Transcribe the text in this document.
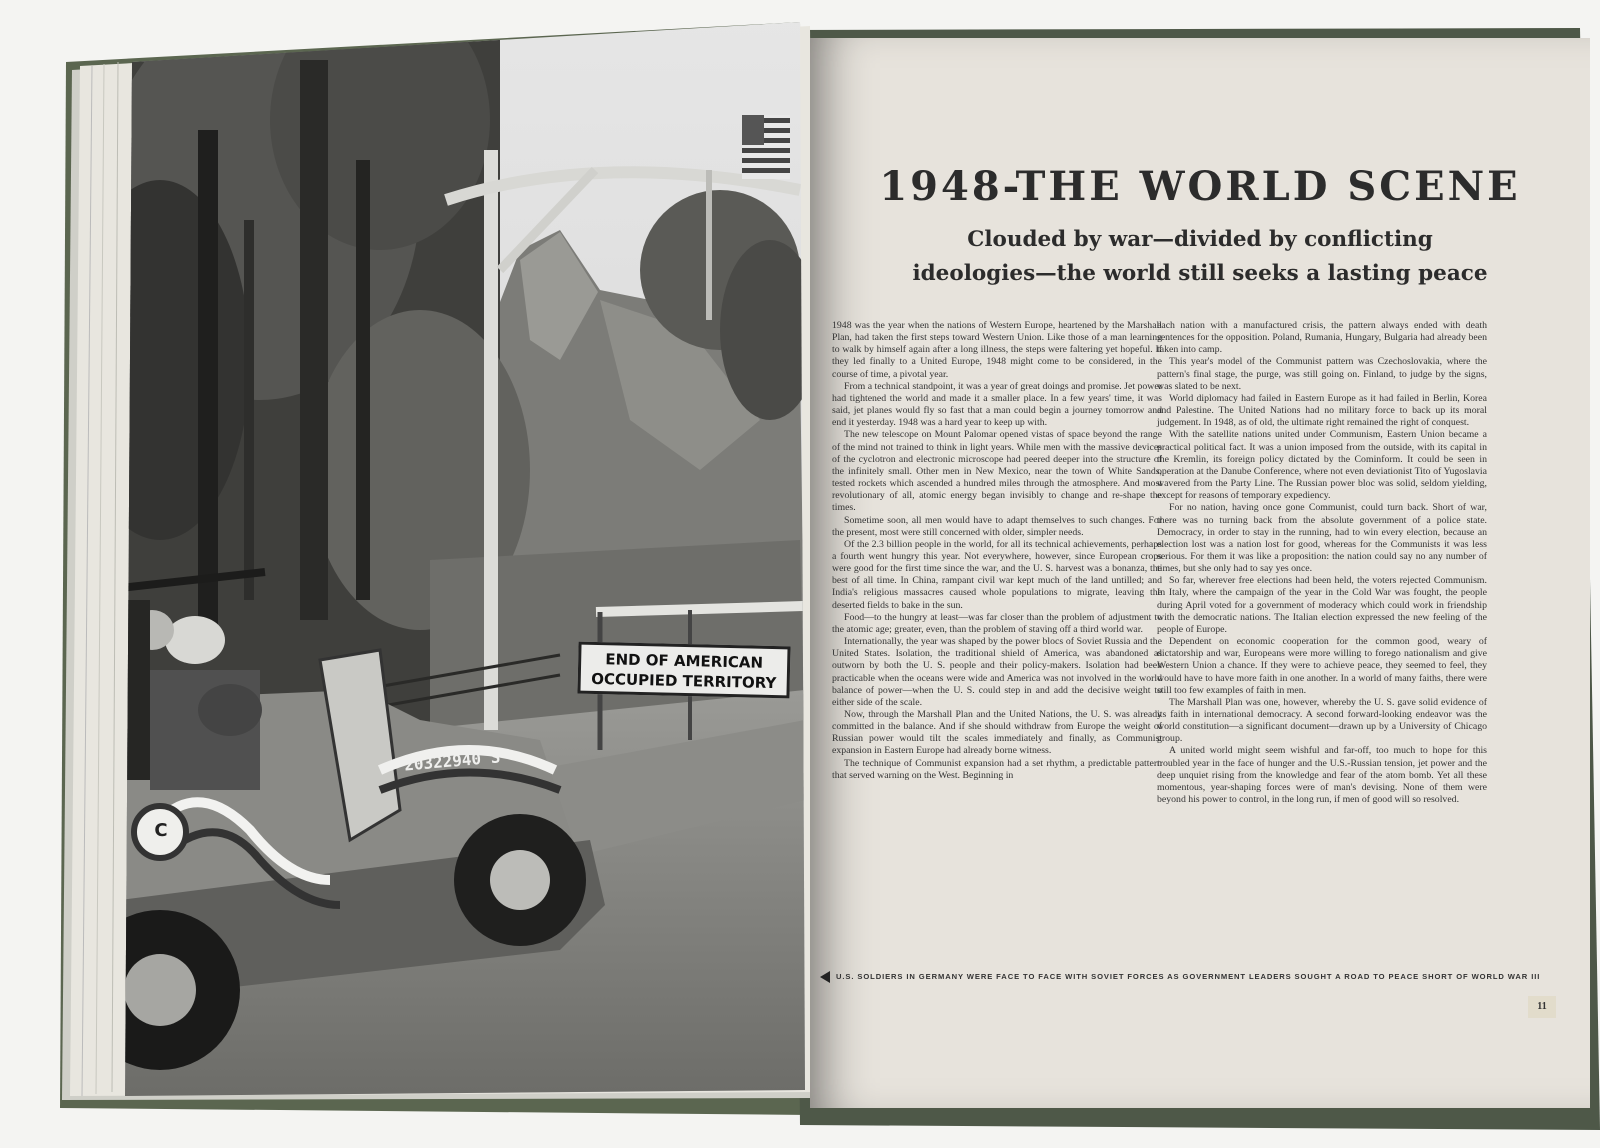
END OF AMERICAN
OCCUPIED TERRITORY
20322940 S
C
1948-THE WORLD SCENE
Clouded by war—divided by conflicting
ideologies—the world still seeks a lasting peace

1948 was the year when the nations of Western Europe, heartened by the Marshall Plan, had taken the first steps toward Western Union. Like those of a man learning to walk by himself again after a long illness, the steps were faltering yet hopeful. If they led finally to a United Europe, 1948 might come to be considered, in the course of time, a pivotal year.

From a technical standpoint, it was a year of great doings and promise. Jet power had tightened the world and made it a smaller place. In a few years' time, it was said, jet planes would fly so fast that a man could begin a journey tomorrow and end it yesterday. 1948 was a hard year to keep up with.

The new telescope on Mount Palomar opened vistas of space beyond the range of the mind not trained to think in light years. While men with the massive devices of the cyclotron and electronic microscope had peered deeper into the structure of the infinitely small. Other men in New Mexico, near the town of White Sands, tested rockets which ascended a hundred miles through the atmosphere. And most revolutionary of all, atomic energy began invisibly to change and re-shape the times.

Sometime soon, all men would have to adapt themselves to such changes. For the present, most were still concerned with older, simpler needs.

Of the 2.3 billion people in the world, for all its technical achievements, perhaps a fourth went hungry this year. Not everywhere, however, since European crops were good for the first time since the war, and the U. S. harvest was a bonanza, the best of all time. In China, rampant civil war kept much of the land untilled; and India's religious massacres caused whole populations to migrate, leaving the deserted fields to bake in the sun.

Food—to the hungry at least—was far closer than the problem of adjustment to the atomic age; greater, even, than the problem of staving off a third world war.

Internationally, the year was shaped by the power blocs of Soviet Russia and the United States. Isolation, the traditional shield of America, was abandoned as outworn by both the U. S. people and their policy-makers. Isolation had been practicable when the oceans were wide and America was not involved in the world balance of power—when the U. S. could step in and add the decisive weight to either side of the scale.

Now, through the Marshall Plan and the United Nations, the U. S. was already committed in the balance. And if she should withdraw from Europe the weight of Russian power would tilt the scales immediately and finally, as Communist expansion in Eastern Europe had already borne witness.

The technique of Communist expansion had a set rhythm, a predictable pattern that served warning on the West. Beginning in

each nation with a manufactured crisis, the pattern always ended with death sentences for the opposition. Poland, Rumania, Hungary, Bulgaria had already been taken into camp.

This year's model of the Communist pattern was Czechoslovakia, where the pattern's final stage, the purge, was still going on. Finland, to judge by the signs, was slated to be next.

World diplomacy had failed in Eastern Europe as it had failed in Berlin, Korea and Palestine. The United Nations had no military force to back up its moral judgement. In 1948, as of old, the ultimate right remained the right of conquest.

With the satellite nations united under Communism, Eastern Union became a practical political fact. It was a union imposed from the outside, with its capital in the Kremlin, its foreign policy dictated by the Cominform. It could be seen in operation at the Danube Conference, where not even deviationist Tito of Yugoslavia wavered from the Party Line. The Russian power bloc was solid, seldom yielding, except for reasons of temporary expediency.

For no nation, having once gone Communist, could turn back. Short of war, there was no turning back from the absolute government of a police state. Democracy, in order to stay in the running, had to win every election, because an election lost was a nation lost for good, whereas for the Communists it was less serious. For them it was like a proposition: the nation could say no any number of times, but she only had to say yes once.

So far, wherever free elections had been held, the voters rejected Communism. In Italy, where the campaign of the year in the Cold War was fought, the people during April voted for a government of moderacy which could work in friendship with the democratic nations. The Italian election expressed the new feeling of the people of Europe.

Dependent on economic cooperation for the common good, weary of dictatorship and war, Europeans were more willing to forego nationalism and give Western Union a chance. If they were to achieve peace, they seemed to feel, they would have to have more faith in one another. In a world of many faiths, there were still too few examples of faith in men.

The Marshall Plan was one, however, whereby the U. S. gave solid evidence of its faith in international democracy. A second forward-looking endeavor was the world constitution—a significant document—drawn up by a University of Chicago group.

A united world might seem wishful and far-off, too much to hope for this troubled year in the face of hunger and the U.S.-Russian tension, jet power and the deep unquiet rising from the knowledge and fear of the atom bomb. Yet all these momentous, year-shaping forces were of man's devising. None of them were beyond his power to control, in the long run, if men of good will so resolved.

U.S. SOLDIERS IN GERMANY WERE FACE TO FACE WITH SOVIET FORCES AS GOVERNMENT LEADERS SOUGHT A ROAD TO PEACE SHORT OF WORLD WAR III
11
